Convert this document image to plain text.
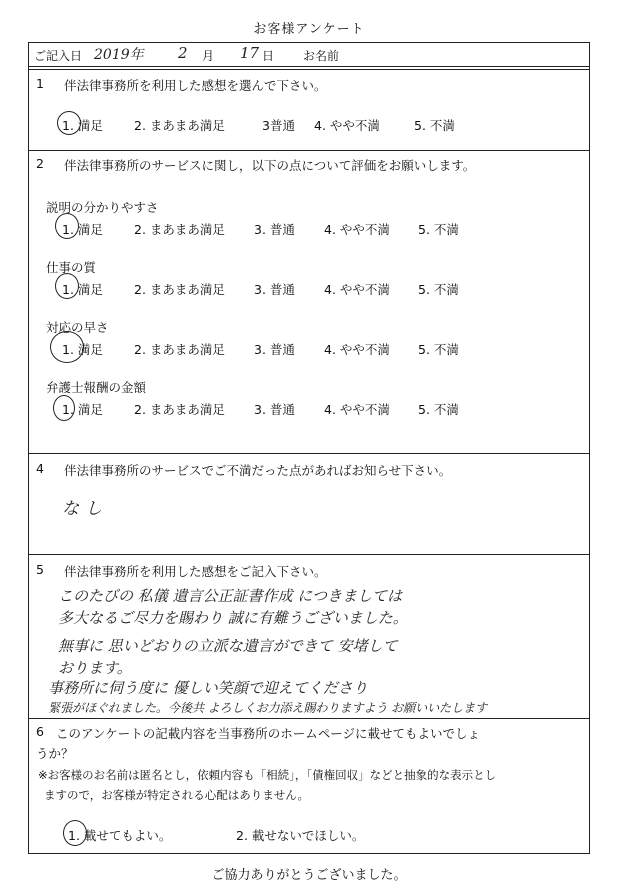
お客様アンケート
ご記入日 2019年 2 月 17 日 お名前
1 伴法律事務所を利用した感想を選んで下さい。
1. 満足 2. まあまあ満足	3普通 4. やや不満	5. 不満
2 伴法律事務所のサービスに関し，以下の点について評価をお願いします。
説明の分かりやすさ
1. 満足 2. まあまあ満足 3. 普通 4. やや不満 5. 不満
仕事の質
1. 満足 2. まあまあ満足 3. 普通 4. やや不満 5. 不満
対応の早さ
1. 満足 2. まあまあ満足 3. 普通 4. やや不満 5. 不満
弁護士報酬の金額
1. 満足 2. まあまあ満足 3. 普通 4. やや不満 5. 不満
4 伴法律事務所のサービスでご不満だった点があればお知らせ下さい。
なし
5 伴法律事務所を利用した感想をご記入下さい。
このたびの 私儀 遺言公正証書作成 につきましては
多大なるご尽力を賜わり 誠に有難うございました。
無事に 思いどおりの立派な遺言ができて 安堵して
おります。
事務所に伺う度に 優しい笑顔で迎えてくださり
緊張がほぐれました。今後共 よろしくお力添え賜わりますよう お願いいたします
6 このアンケートの記載内容を当事務所のホームページに載せてもよいでしょ
うか？
※お客様のお名前は匿名とし，依頼内容も「相続」，「債権回収」などと抽象的な表示とし
ますので，お客様が特定される心配はありません。
1. 載せてもよい。	2. 載せないでほしい。
ご協力ありがとうございました。
